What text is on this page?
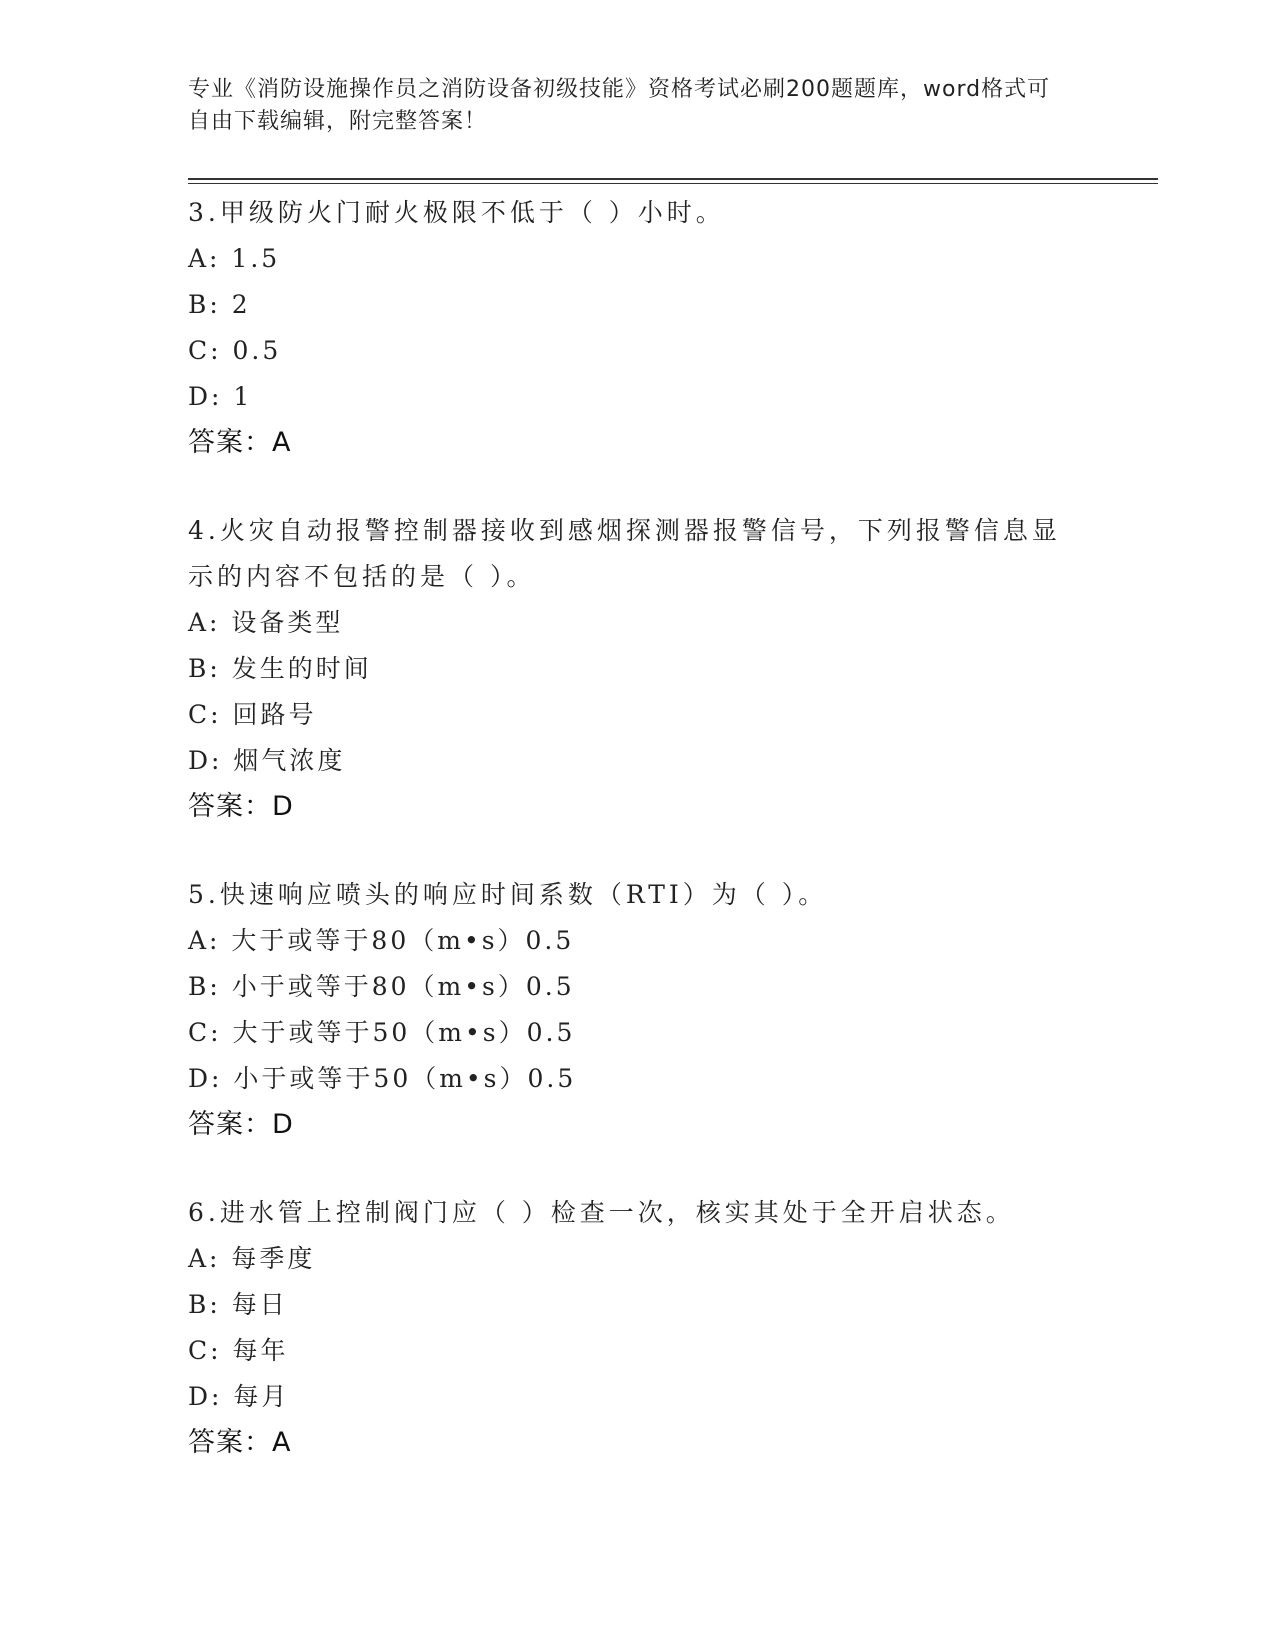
专业《消防设施操作员之消防设备初级技能》资格考试必刷200题题库，word格式可自由下载编辑，附完整答案！

3.甲级防火门耐火极限不低于（ ）小时。

A: 1.5
B: 2
C: 0.5
D: 1
答案：A

4.火灾自动报警控制器接收到感烟探测器报警信号，下列报警信息显示的内容不包括的是（ ）。

A: 设备类型
B: 发生的时间
C: 回路号
D: 烟气浓度
答案：D

5.快速响应喷头的响应时间系数（RTI）为（ ）。

A: 大于或等于80（m•s）0.5
B: 小于或等于80（m•s）0.5
C: 大于或等于50（m•s）0.5
D: 小于或等于50（m•s）0.5
答案：D

6.进水管上控制阀门应（ ）检查一次，核实其处于全开启状态。

A: 每季度
B: 每日
C: 每年
D: 每月
答案：A
